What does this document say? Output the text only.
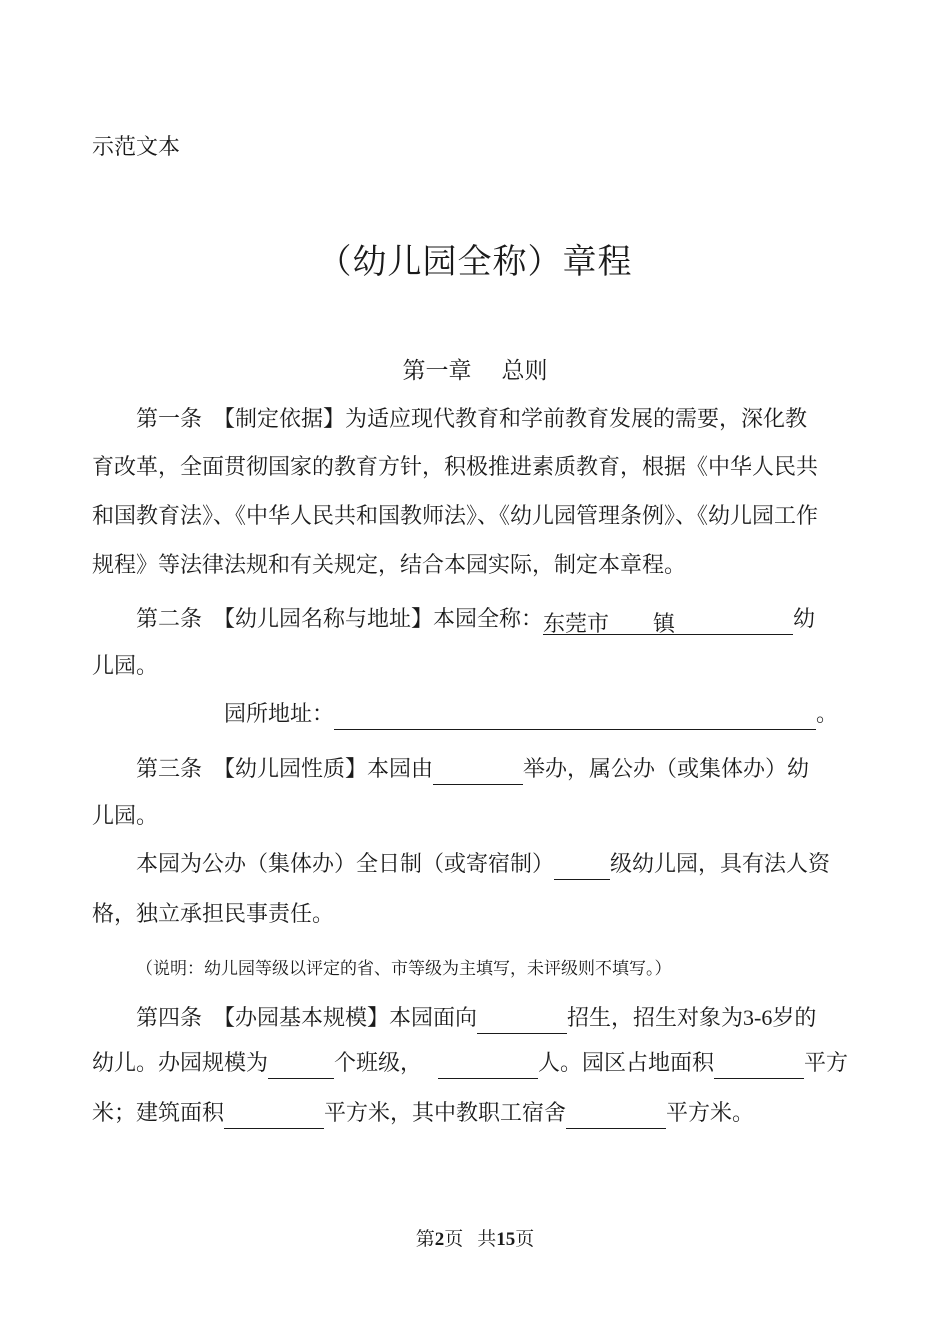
示范文本
（幼儿园全称）章程
第一章 总则
第一条　【制定依据】为适应现代教育和学前教育发展的需要，深化教
育改革，全面贯彻国家的教育方针，积极推进素质教育，根据《中华人民共
和国教育法》、《中华人民共和国教师法》、《幼儿园管理条例》、《幼儿园工作
规程》等法律法规和有关规定，结合本园实际，制定本章程。
第二条　【幼儿园名称与地址】本园全称：东莞市 镇	幼
儿园。
园所地址：	。
第三条　【幼儿园性质】本园由	举办，属公办（或集体办）幼
儿园。
本园为公办（集体办）全日制（或寄宿制）	级幼儿园，具有法人资
格，独立承担民事责任。
（说明：幼儿园等级以评定的省、市等级为主填写，未评级则不填写。）
第四条　【办园基本规模】本园面向	招生，招生对象为3-6岁的
幼儿。办园规模为	个班级，	人。园区占地面积	平方
米；建筑面积	平方米，其中教职工宿舍	平方米。
第2页 共15页
